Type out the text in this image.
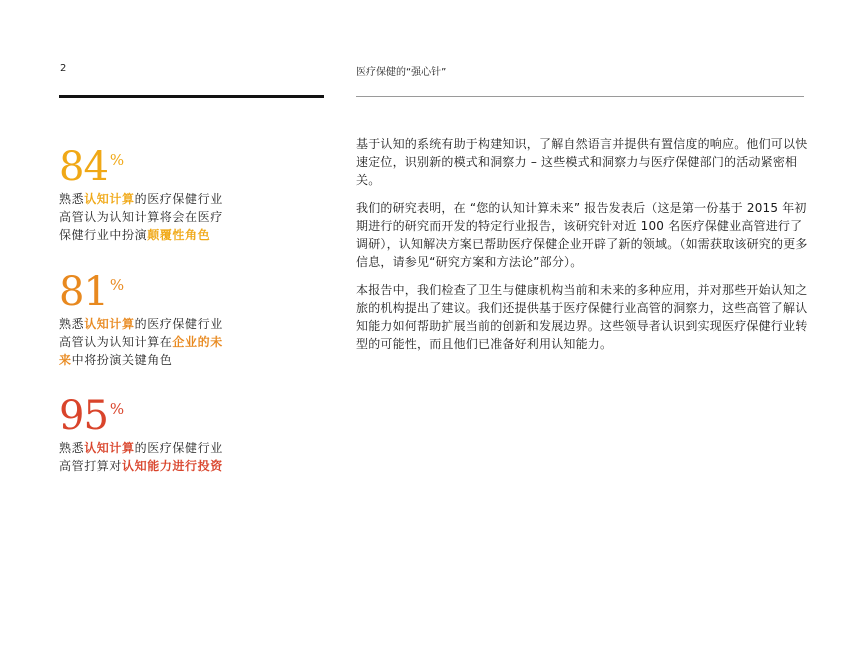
2	医疗保健的“强心针”
84 %
熟悉认知计算的医疗保健行业
高管认为认知计算将会在医疗
保健行业中扮演颠覆性角色
81 %
熟悉认知计算的医疗保健行业
高管认为认知计算在企业的未
来中将扮演关键角色
95 %
熟悉认知计算的医疗保健行业
高管打算对认知能力进行投资

基于认知的系统有助于构建知识，了解自然语言并提供有置信度的响应。他们可以快速定位，识别新的模式和洞察力 – 这些模式和洞察力与医疗保健部门的活动紧密相关。

我们的研究表明，在 “您的认知计算未来” 报告发表后（这是第一份基于 2015 年初期进行的研究而开发的特定行业报告，该研究针对近 100 名医疗保健业高管进行了调研），认知解决方案已帮助医疗保健企业开辟了新的领域。（如需获取该研究的更多信息，请参见“研究方案和方法论”部分）。

本报告中，我们检查了卫生与健康机构当前和未来的多种应用，并对那些开始认知之旅的机构提出了建议。我们还提供基于医疗保健行业高管的洞察力，这些高管了解认知能力如何帮助扩展当前的创新和发展边界。这些领导者认识到实现医疗保健行业转型的可能性，而且他们已准备好利用认知能力。
